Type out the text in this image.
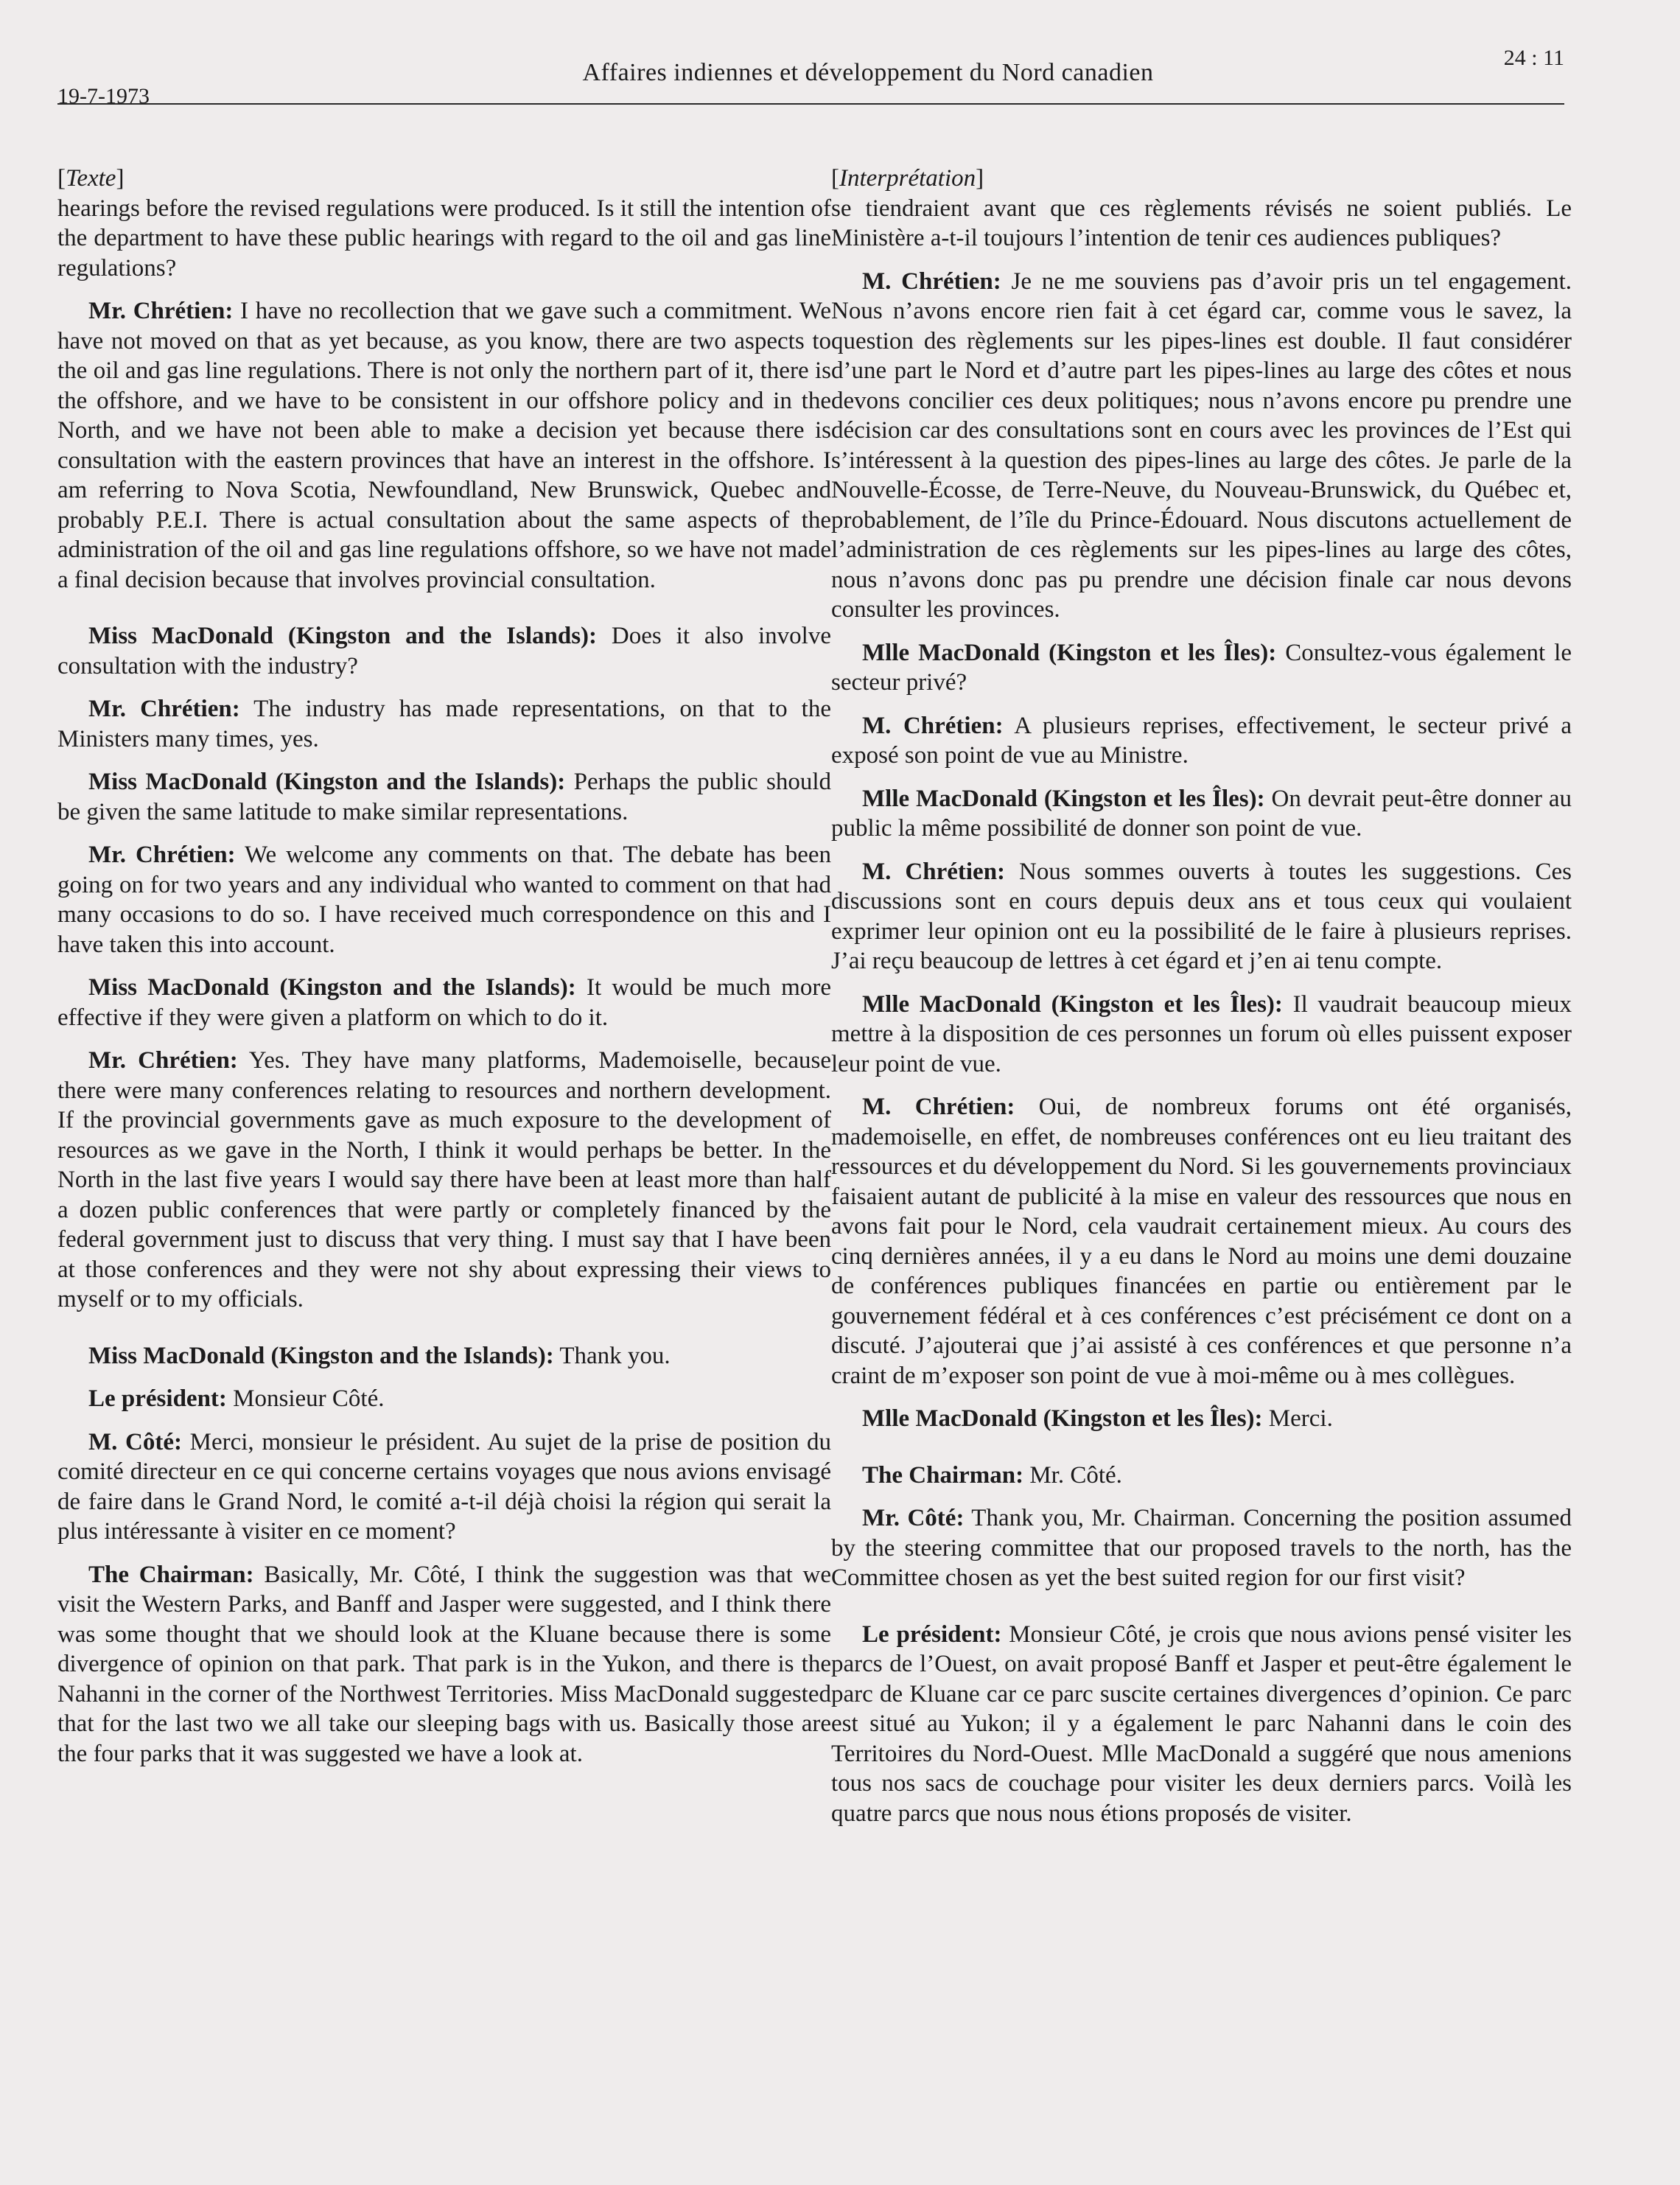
19-7-1973
Affaires indiennes et développement du Nord canadien
24 : 11
[Texte]

hearings before the revised regulations were produced. Is it still the intention of the department to have these public hearings with regard to the oil and gas line regulations?

Mr. Chrétien: I have no recollection that we gave such a commitment. We have not moved on that as yet because, as you know, there are two aspects to the oil and gas line regulations. There is not only the northern part of it, there is the offshore, and we have to be consistent in our offshore policy and in the North, and we have not been able to make a decision yet because there is consultation with the eastern provinces that have an interest in the offshore. I am referring to Nova Scotia, Newfoundland, New Brunswick, Quebec and probably P.E.I. There is actual consultation about the same aspects of the administration of the oil and gas line regulations offshore, so we have not made a final decision because that involves provincial consultation.

Miss MacDonald (Kingston and the Islands): Does it also involve consultation with the industry?

Mr. Chrétien: The industry has made representations, on that to the Ministers many times, yes.

Miss MacDonald (Kingston and the Islands): Perhaps the public should be given the same latitude to make similar representations.

Mr. Chrétien: We welcome any comments on that. The debate has been going on for two years and any individual who wanted to comment on that had many occasions to do so. I have received much correspondence on this and I have taken this into account.

Miss MacDonald (Kingston and the Islands): It would be much more effective if they were given a platform on which to do it.

Mr. Chrétien: Yes. They have many platforms, Mademoiselle, because there were many conferences relating to resources and northern development. If the provincial governments gave as much exposure to the development of resources as we gave in the North, I think it would perhaps be better. In the North in the last five years I would say there have been at least more than half a dozen public conferences that were partly or completely financed by the federal government just to discuss that very thing. I must say that I have been at those conferences and they were not shy about expressing their views to myself or to my officials.

Miss MacDonald (Kingston and the Islands): Thank you.

Le président: Monsieur Côté.

M. Côté: Merci, monsieur le président. Au sujet de la prise de position du comité directeur en ce qui concerne certains voyages que nous avions envisagé de faire dans le Grand Nord, le comité a-t-il déjà choisi la région qui serait la plus intéressante à visiter en ce moment?

The Chairman: Basically, Mr. Côté, I think the suggestion was that we visit the Western Parks, and Banff and Jasper were suggested, and I think there was some thought that we should look at the Kluane because there is some divergence of opinion on that park. That park is in the Yukon, and there is the Nahanni in the corner of the Northwest Territories. Miss MacDonald suggested that for the last two we all take our sleeping bags with us. Basically those are the four parks that it was suggested we have a look at.

[Interprétation]

se tiendraient avant que ces règlements révisés ne soient publiés. Le Ministère a-t-il toujours l’intention de tenir ces audiences publiques?

M. Chrétien: Je ne me souviens pas d’avoir pris un tel engagement. Nous n’avons encore rien fait à cet égard car, comme vous le savez, la question des règlements sur les pipes-lines est double. Il faut considérer d’une part le Nord et d’autre part les pipes-lines au large des côtes et nous devons concilier ces deux politiques; nous n’avons encore pu prendre une décision car des consultations sont en cours avec les provinces de l’Est qui s’intéressent à la question des pipes-lines au large des côtes. Je parle de la Nouvelle-Écosse, de Terre-Neuve, du Nouveau-Brunswick, du Québec et, probablement, de l’île du Prince-Édouard. Nous discutons actuellement de l’administration de ces règlements sur les pipes-lines au large des côtes, nous n’avons donc pas pu prendre une décision finale car nous devons consulter les provinces.

Mlle MacDonald (Kingston et les Îles): Consultez-vous également le secteur privé?

M. Chrétien: A plusieurs reprises, effectivement, le secteur privé a exposé son point de vue au Ministre.

Mlle MacDonald (Kingston et les Îles): On devrait peut-être donner au public la même possibilité de donner son point de vue.

M. Chrétien: Nous sommes ouverts à toutes les suggestions. Ces discussions sont en cours depuis deux ans et tous ceux qui voulaient exprimer leur opinion ont eu la possibilité de le faire à plusieurs reprises. J’ai reçu beaucoup de lettres à cet égard et j’en ai tenu compte.

Mlle MacDonald (Kingston et les Îles): Il vaudrait beaucoup mieux mettre à la disposition de ces personnes un forum où elles puissent exposer leur point de vue.

M. Chrétien: Oui, de nombreux forums ont été organisés, mademoiselle, en effet, de nombreuses conférences ont eu lieu traitant des ressources et du développement du Nord. Si les gouvernements provinciaux faisaient autant de publicité à la mise en valeur des ressources que nous en avons fait pour le Nord, cela vaudrait certainement mieux. Au cours des cinq dernières années, il y a eu dans le Nord au moins une demi douzaine de conférences publiques financées en partie ou entièrement par le gouvernement fédéral et à ces conférences c’est précisément ce dont on a discuté. J’ajouterai que j’ai assisté à ces conférences et que personne n’a craint de m’exposer son point de vue à moi-même ou à mes collègues.

Mlle MacDonald (Kingston et les Îles): Merci.

The Chairman: Mr. Côté.

Mr. Côté: Thank you, Mr. Chairman. Concerning the position assumed by the steering committee that our proposed travels to the north, has the Committee chosen as yet the best suited region for our first visit?

Le président: Monsieur Côté, je crois que nous avions pensé visiter les parcs de l’Ouest, on avait proposé Banff et Jasper et peut-être également le parc de Kluane car ce parc suscite certaines divergences d’opinion. Ce parc est situé au Yukon; il y a également le parc Nahanni dans le coin des Territoires du Nord-Ouest. Mlle MacDonald a suggéré que nous amenions tous nos sacs de couchage pour visiter les deux derniers parcs. Voilà les quatre parcs que nous nous étions proposés de visiter.
